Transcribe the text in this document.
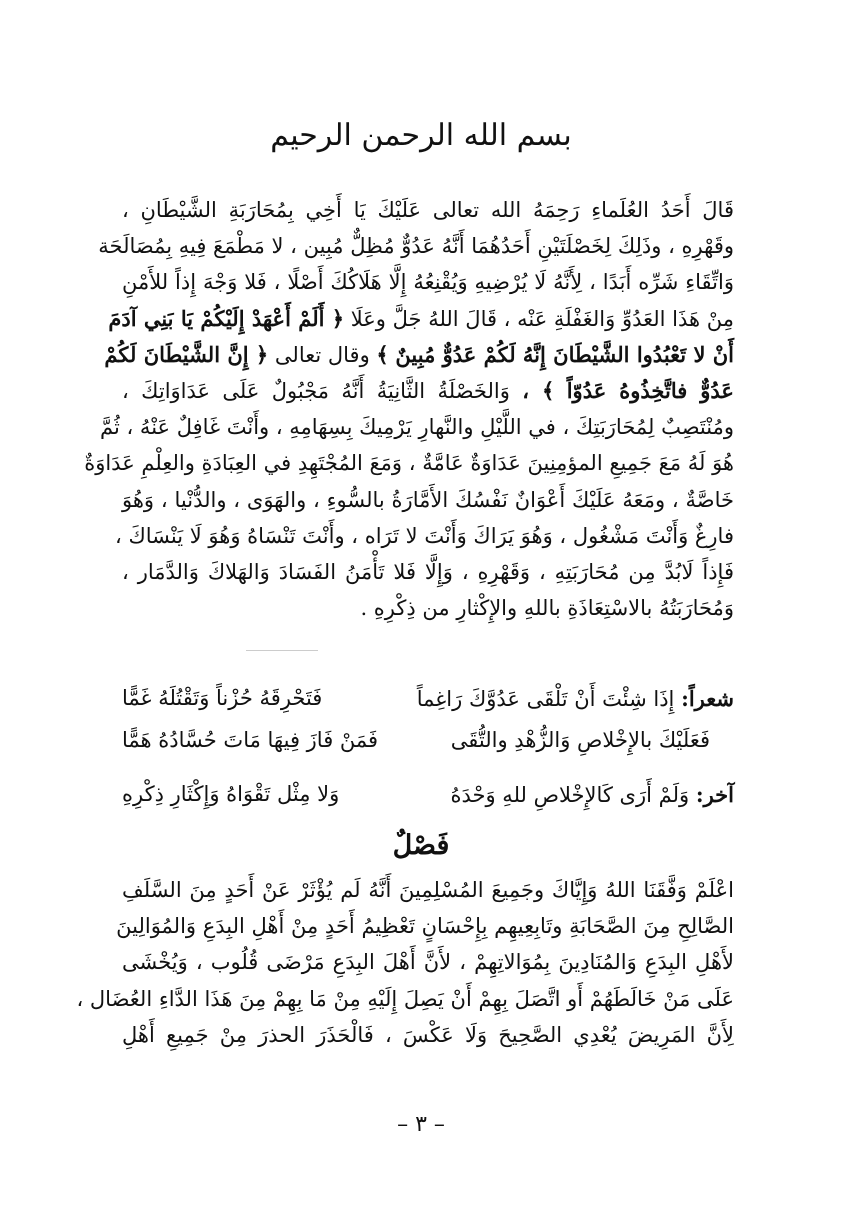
بسم الله الرحمن الرحيم
قَالَ أَحَدُ العُلَماءِ رَحِمَهُ الله تعالى عَلَيْكَ يَا أَخِي بِمُحَارَبَةِ الشَّيْطَانِ ،
وقَهْرِهِ ، وذَلِكَ لِخَصْلَتَيْنِ أَحَدُهُمَا أَنَّهُ عَدُوٌّ مُظِلٌّ مُبِين ، لا مَطْمَعَ فِيهِ بِمُصَالَحَة
وَاتِّقَاءِ شَرِّه أَبَدًا ، لِأَنَّهُ لَا يُرْضِيهِ وَيُقْنِعُهُ إِلَّا هَلَاكُكَ أَصْلًا ، فَلا وَجْهَ إِذاً للأَمْنِ
مِنْ هَذَا العَدُوِّ وَالغَفْلَةِ عَنْه ، قَالَ اللهُ جَلَّ وعَلَا ﴿ أَلَمْ أَعْهَدْ إِلَيْكُمْ يَا بَنِي آدَمَ
أَنْ لا تَعْبُدُوا الشَّيْطَانَ إِنَّهُ لَكُمْ عَدُوٌّ مُبِينٌ ﴾ وقال تعالى ﴿ إِنَّ الشَّيْطَانَ لَكُمْ
عَدُوٌّ فاتَّخِذُوهُ عَدُوّاً ﴾ ، وَالخَصْلَةُ الثَّانِيَةُ أَنَّهُ مَجْبُولٌ عَلَى عَدَاوَاتِكَ ،
ومُنْتَصِبٌ لِمُحَارَبَتِكَ ، في اللَّيْلِ والنَّهارِ يَرْمِيكَ بِسِهَامِهِ ، وأَنْتَ غَافِلٌ عَنْهُ ، ثُمَّ
هُوَ لَهُ مَعَ جَمِيعِ المؤمِنِينَ عَدَاوَةٌ عَامَّةٌ ، وَمَعَ المُجْتَهِدِ في العِبَادَةِ والعِلْمِ عَدَاوَةٌ
خَاصَّةٌ ، ومَعَهُ عَلَيْكَ أَعْوَانٌ نَفْسُكَ الأَمَّارَةُ بالسُّوءِ ، والهَوَى ، والدُّنْيا ، وَهُوَ
فارِغٌ وَأَنْتَ مَشْغُول ، وَهُوَ يَرَاكَ وَأَنْتَ لا تَرَاه ، وأَنْتَ تَنْسَاهُ وَهُوَ لَا يَنْسَاكَ ،
فَإِذاً لَابُدَّ مِن مُحَارَبَتِهِ ، وَقَهْرِهِ ، وَإِلَّا فَلا تَأْمَنُ الفَسَادَ وَالهَلاكَ وَالدَّمَار ،
وَمُحَارَبَتُهُ بالاسْتِعَاذَةِ باللهِ والإِكْثارِ من ذِكْرِهِ .
شعراً: إِذَا شِئْتَ أَنْ تَلْقَى عَدُوَّكَ رَاغِماً
فَتَحْرِقَهُ حُزْناً وَتَقْتُلَهُ غَمًّا
فَعَلَيْكَ بالإِخْلاصِ وَالزُّهْدِ والتُّقَى
فَمَنْ فَازَ فِيهَا مَاتَ حُسَّادُهُ هَمًّا
آخر: وَلَمْ أَرَى كَالإِخْلاصِ للهِ وَحْدَهُ
وَلا مِثْل تَقْوَاهُ وَإِكْثَارِ ذِكْرِهِ
فَصْلٌ
اعْلَمْ وَفَّقَنَا اللهُ وَإِيَّاكَ وجَمِيعَ المُسْلِمِينَ أَنَّهُ لَم يُؤْثَرْ عَنْ أَحَدٍ مِنَ السَّلَفِ
الصَّالِحِ مِنَ الصَّحَابَةِ وتَابِعِيهِم بِإِحْسَانٍ تَعْظِيمُ أَحَدٍ مِنْ أَهْلِ البِدَعِ وَالمُوَالِينَ
لأَهْلِ البِدَعِ وَالمُنَادِينَ بِمُوَالاتِهِمْ ، لأَنَّ أَهْلَ البِدَعِ مَرْضَى قُلُوب ، وَيُخْشَى
عَلَى مَنْ خَالَطَهُمْ أَو اتَّصَلَ بِهِمْ أَنْ يَصِلَ إِلَيْهِ مِنْ مَا بِهِمْ مِنَ هَذَا الدَّاءِ العُضَال ،
لِأَنَّ المَرِيضَ يُعْدِي الصَّحِيحَ وَلَا عَكْسَ ، فَالْحَذَرَ الحذرَ مِنْ جَمِيعِ أَهْلِ
– ٣ –
